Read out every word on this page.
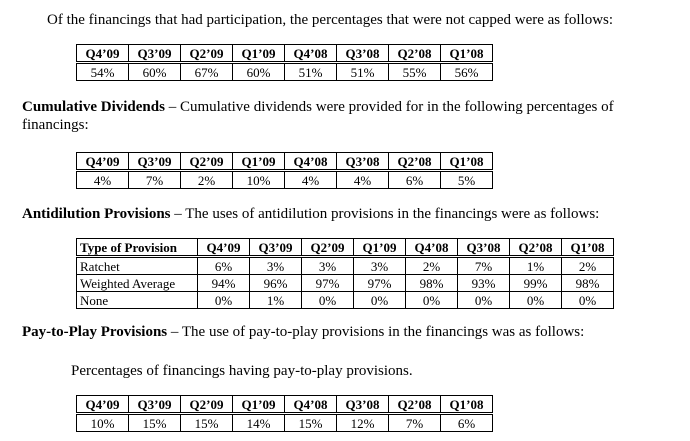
Of the financings that had participation, the percentages that were not capped were as follows:
Q4’09	Q3’09	Q2’09	Q1’09	Q4’08	Q3’08	Q2’08	Q1’08
54%	60%	67%	60%	51%	51%	55%	56%
Cumulative Dividends – Cumulative dividends were provided for in the following percentages of
financings:
Q4’09	Q3’09	Q2’09	Q1’09	Q4’08	Q3’08	Q2’08	Q1’08
4%	7%	2%	10%	4%	4%	6%	5%
Antidilution Provisions – The uses of antidilution provisions in the financings were as follows:
Type of Provision	Q4’09	Q3’09	Q2’09	Q1’09	Q4’08	Q3’08	Q2’08	Q1’08
Ratchet	6%	3%	3%	3%	2%	7%	1%	2%
Weighted Average	94%	96%	97%	97%	98%	93%	99%	98%
None	0%	1%	0%	0%	0%	0%	0%	0%
Pay-to-Play Provisions – The use of pay-to-play provisions in the financings was as follows:
Percentages of financings having pay-to-play provisions.
Q4’09	Q3’09	Q2’09	Q1’09	Q4’08	Q3’08	Q2’08	Q1’08
10%	15%	15%	14%	15%	12%	7%	6%
